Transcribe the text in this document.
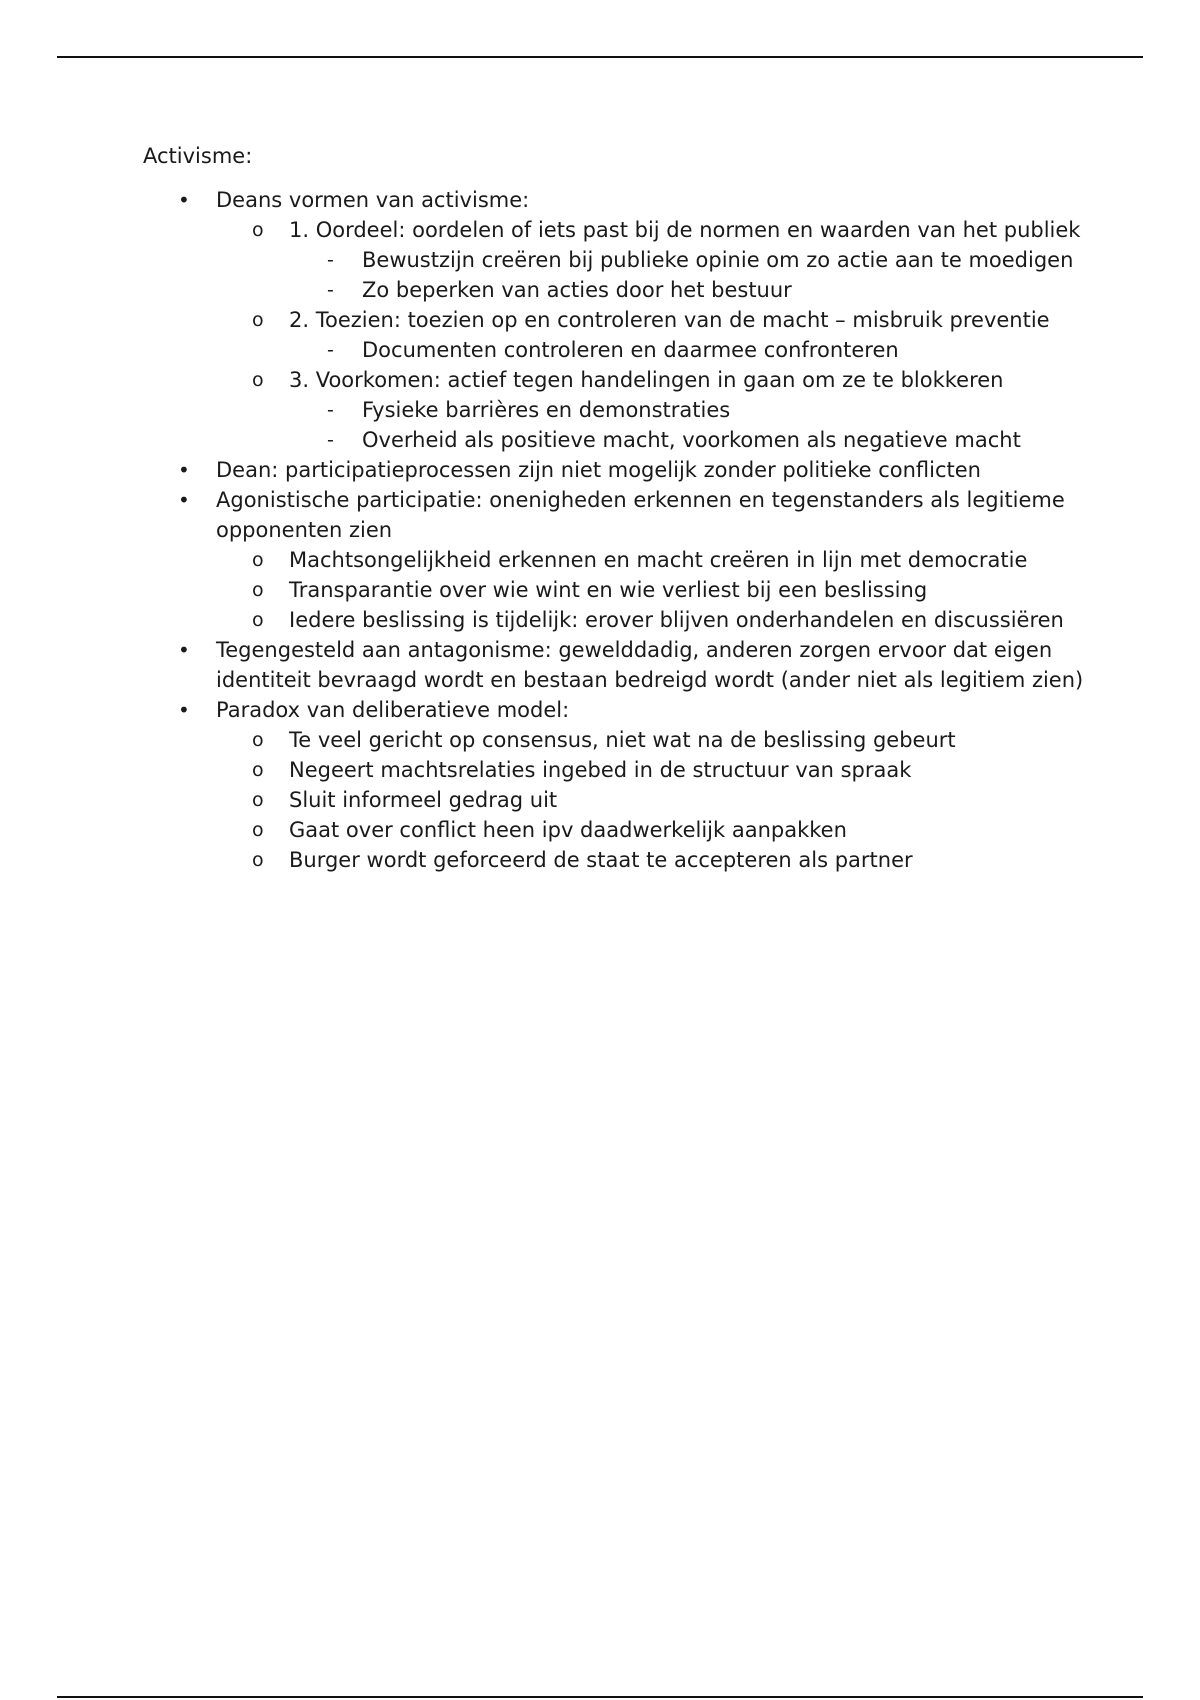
Activisme:
• Deans vormen van activisme:
o 1. Oordeel: oordelen of iets past bij de normen en waarden van het publiek
- Bewustzijn creëren bij publieke opinie om zo actie aan te moedigen
- Zo beperken van acties door het bestuur
o 2. Toezien: toezien op en controleren van de macht – misbruik preventie
- Documenten controleren en daarmee confronteren
o 3. Voorkomen: actief tegen handelingen in gaan om ze te blokkeren
- Fysieke barrières en demonstraties
- Overheid als positieve macht, voorkomen als negatieve macht
• Dean: participatieprocessen zijn niet mogelijk zonder politieke conflicten
• Agonistische participatie: onenigheden erkennen en tegenstanders als legitieme opponenten zien
o Machtsongelijkheid erkennen en macht creëren in lijn met democratie
o Transparantie over wie wint en wie verliest bij een beslissing
o Iedere beslissing is tijdelijk: erover blijven onderhandelen en discussiëren
• Tegengesteld aan antagonisme: gewelddadig, anderen zorgen ervoor dat eigen identiteit bevraagd wordt en bestaan bedreigd wordt (ander niet als legitiem zien)
• Paradox van deliberatieve model:
o Te veel gericht op consensus, niet wat na de beslissing gebeurt
o Negeert machtsrelaties ingebed in de structuur van spraak
o Sluit informeel gedrag uit
o Gaat over conflict heen ipv daadwerkelijk aanpakken
o Burger wordt geforceerd de staat te accepteren als partner
